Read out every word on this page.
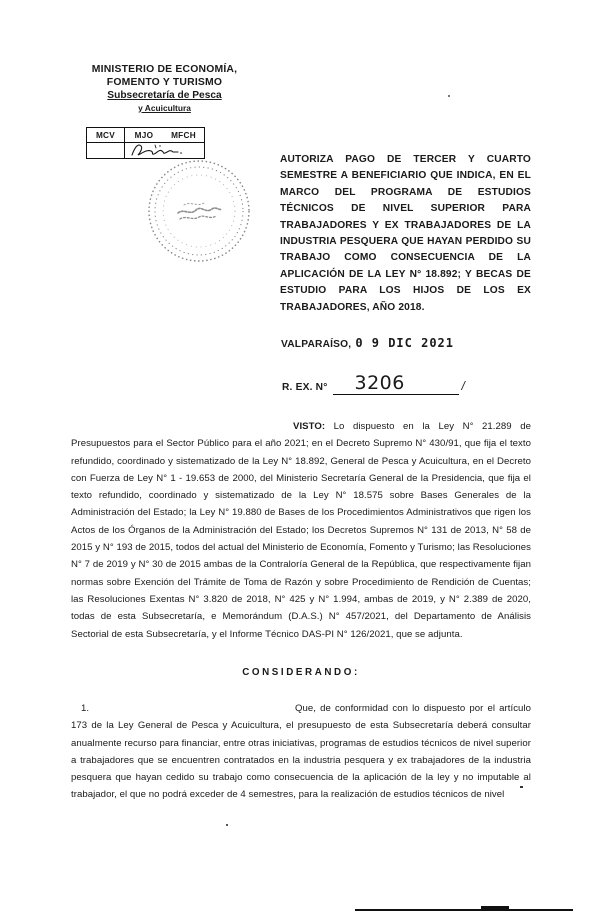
MINISTERIO DE ECONOMÍA,
FOMENTO Y TURISMO
Subsecretaría de Pesca
y Acuicultura
MCV	MJO	MFCH
AUTORIZA PAGO DE TERCER Y CUARTO SEMESTRE A BENEFICIARIO QUE INDICA, EN EL MARCO DEL PROGRAMA DE ESTUDIOS TÉCNICOS DE NIVEL SUPERIOR PARA TRABAJADORES Y EX TRABAJADORES DE LA INDUSTRIA PESQUERA QUE HAYAN PERDIDO SU TRABAJO COMO CONSECUENCIA DE LA APLICACIÓN DE LA LEY N° 18.892; Y BECAS DE ESTUDIO PARA LOS HIJOS DE LOS EX TRABAJADORES, AÑO 2018.
VALPARAÍSO, 0 9 DIC 2021
R. EX. N° 3206	/
VISTO: Lo dispuesto en la Ley N° 21.289 de Presupuestos para el Sector Público para el año 2021; en el Decreto Supremo N° 430/91, que fija el texto refundido, coordinado y sistematizado de la Ley N° 18.892, General de Pesca y Acuicultura, en el Decreto con Fuerza de Ley N° 1 - 19.653 de 2000, del Ministerio Secretaría General de la Presidencia, que fija el texto refundido, coordinado y sistematizado de la Ley N° 18.575 sobre Bases Generales de la Administración del Estado; la Ley N° 19.880 de Bases de los Procedimientos Administrativos que rigen los Actos de los Órganos de la Administración del Estado; los Decretos Supremos N° 131 de 2013, N° 58 de 2015 y N° 193 de 2015, todos del actual del Ministerio de Economía, Fomento y Turismo; las Resoluciones N° 7 de 2019 y N° 30 de 2015 ambas de la Contraloría General de la República, que respectivamente fijan normas sobre Exención del Trámite de Toma de Razón y sobre Procedimiento de Rendición de Cuentas; las Resoluciones Exentas N° 3.820 de 2018, N° 425 y N° 1.994, ambas de 2019, y N° 2.389 de 2020, todas de esta Subsecretaría, e Memorándum (D.A.S.) N° 457/2021, del Departamento de Análisis Sectorial de esta Subsecretaría, y el Informe Técnico DAS-PI N° 126/2021, que se adjunta.
CONSIDERANDO:
1.	Que, de conformidad con lo dispuesto por el artículo 173 de la Ley General de Pesca y Acuicultura, el presupuesto de esta Subsecretaría deberá consultar anualmente recurso para financiar, entre otras iniciativas, programas de estudios técnicos de nivel superior a trabajadores que se encuentren contratados en la industria pesquera y ex trabajadores de la industria pesquera que hayan cedido su trabajo como consecuencia de la aplicación de la ley y no imputable al trabajador, el que no podrá exceder de 4 semestres, para la realización de estudios técnicos de nivel
